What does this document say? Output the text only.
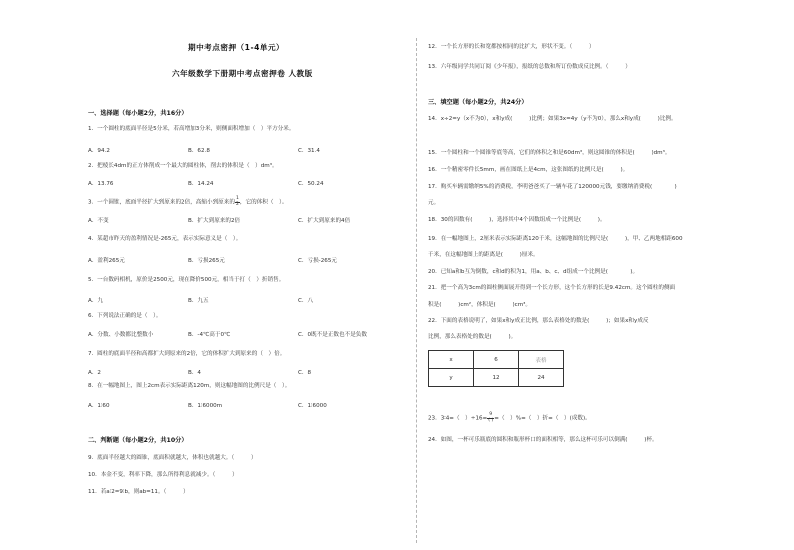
期中考点密押（1-4单元）
六年级数学下册期中考点密押卷 人教版
一、选择题（每小题2分，共16分）
1．一个圆柱的底面半径是5分米，若高增加3分米，则侧面积增加（　）平方分米。
A．94.2	B．62.8	C．31.4
2．把棱长4dm的正方体削成一个最大的圆柱体，削去的体积是（　）dm³。
A．13.76	B．14.24	C．50.24
3．一个圆锥，底面半径扩大到原来的2倍，高缩小到原来的 $\frac{1}{2}$ ，它的体积（　）。
A．不变	B．扩大到原来的2倍	C．扩大到原来的4倍
4．某超市昨天的盈利情况是-265元，表示实际意义是（　）。
A．盈利265元	B．亏损265元	C．亏损-265元
5．一台数码相机，原价是2500元，现在降价500元，相当于打（　）折销售。
A．九	B．九五	C．八
6．下列说法正确的是（　）。
A．分数、小数都比整数小	B．-4℃高于0℃	C．0既不是正数也不是负数
7．圆柱的底面半径和高都扩大到原来的2倍，它的体积扩大到原来的（　）倍。
A．2	B．4	C．8
8．在一幅地图上，图上2cm表示实际距离120m，则这幅地图的比例尺是（　）。
A．1∶60	B．1∶6000m	C．1∶6000
二、判断题（每小题2分，共10分）
9．底面半径越大的圆锥，底面积就越大，体积也就越大。（　　　）
10．本金不变，利率下降，那么所得利息就减少。（　　　）
11．若a∶2=9∶b，则ab=11。（　　　）
12．一个长方形的长和宽都按相同的比扩大，形状不变。（　　　）
13．六年级同学共同订阅《少年报》，报纸的总数和所订份数成反比例。（　　　）
三、填空题（每小题2分，共24分）
14．x÷2=y（x不为0），x和y成(　　　)比例；如果3x=4y（y不为0），那么x和y成(　　　)比例。
15．一个圆柱和一个圆锥等底等高，它们的体积之和是60dm³，则这圆锥的体积是(　　　)dm³。
16．一个精密零件长5mm，画在图纸上是4cm，这张图纸的比例尺是(　　　)。
17．购买车辆需缴纳5%的消费税，李明爸爸买了一辆车花了120000元钱，要缴纳消费税(　　　　)
元。
18．30的因数有(　　　)，选择其中4个因数组成一个比例是(　　　)。
19．在一幅地图上，2厘米表示实际距离120千米，这幅地图的比例尺是(　　　)，甲、乙两地相距600
千米，在这幅地图上的距离是(　　　)厘米。
20．已知a和b互为倒数，c和d的积为1，用a、b、c、d组成一个比例是(　　　　)。
21．把一个高为3cm的圆柱侧面展开得到一个长方形，这个长方形的长是9.42cm。这个圆柱的侧面
积是(　　　)cm²，体积是(　　　)cm³。
22．下面的表格说明了，如果x和y成正比例，那么表格处的数是(　　　)；如果x和y成反
比例，那么表格处的数是(　　　)。
x	6	表格
y	12	24
23．3∶4=（　）$\div 16= \frac{9}{( )}$ =（　）%=（　）折=（　）(成数)。
24．如图，一杯可乐瓶底的圆积和瓶形杯口的面积相等，那么这杯可乐可以倒满(　　　)杯。
